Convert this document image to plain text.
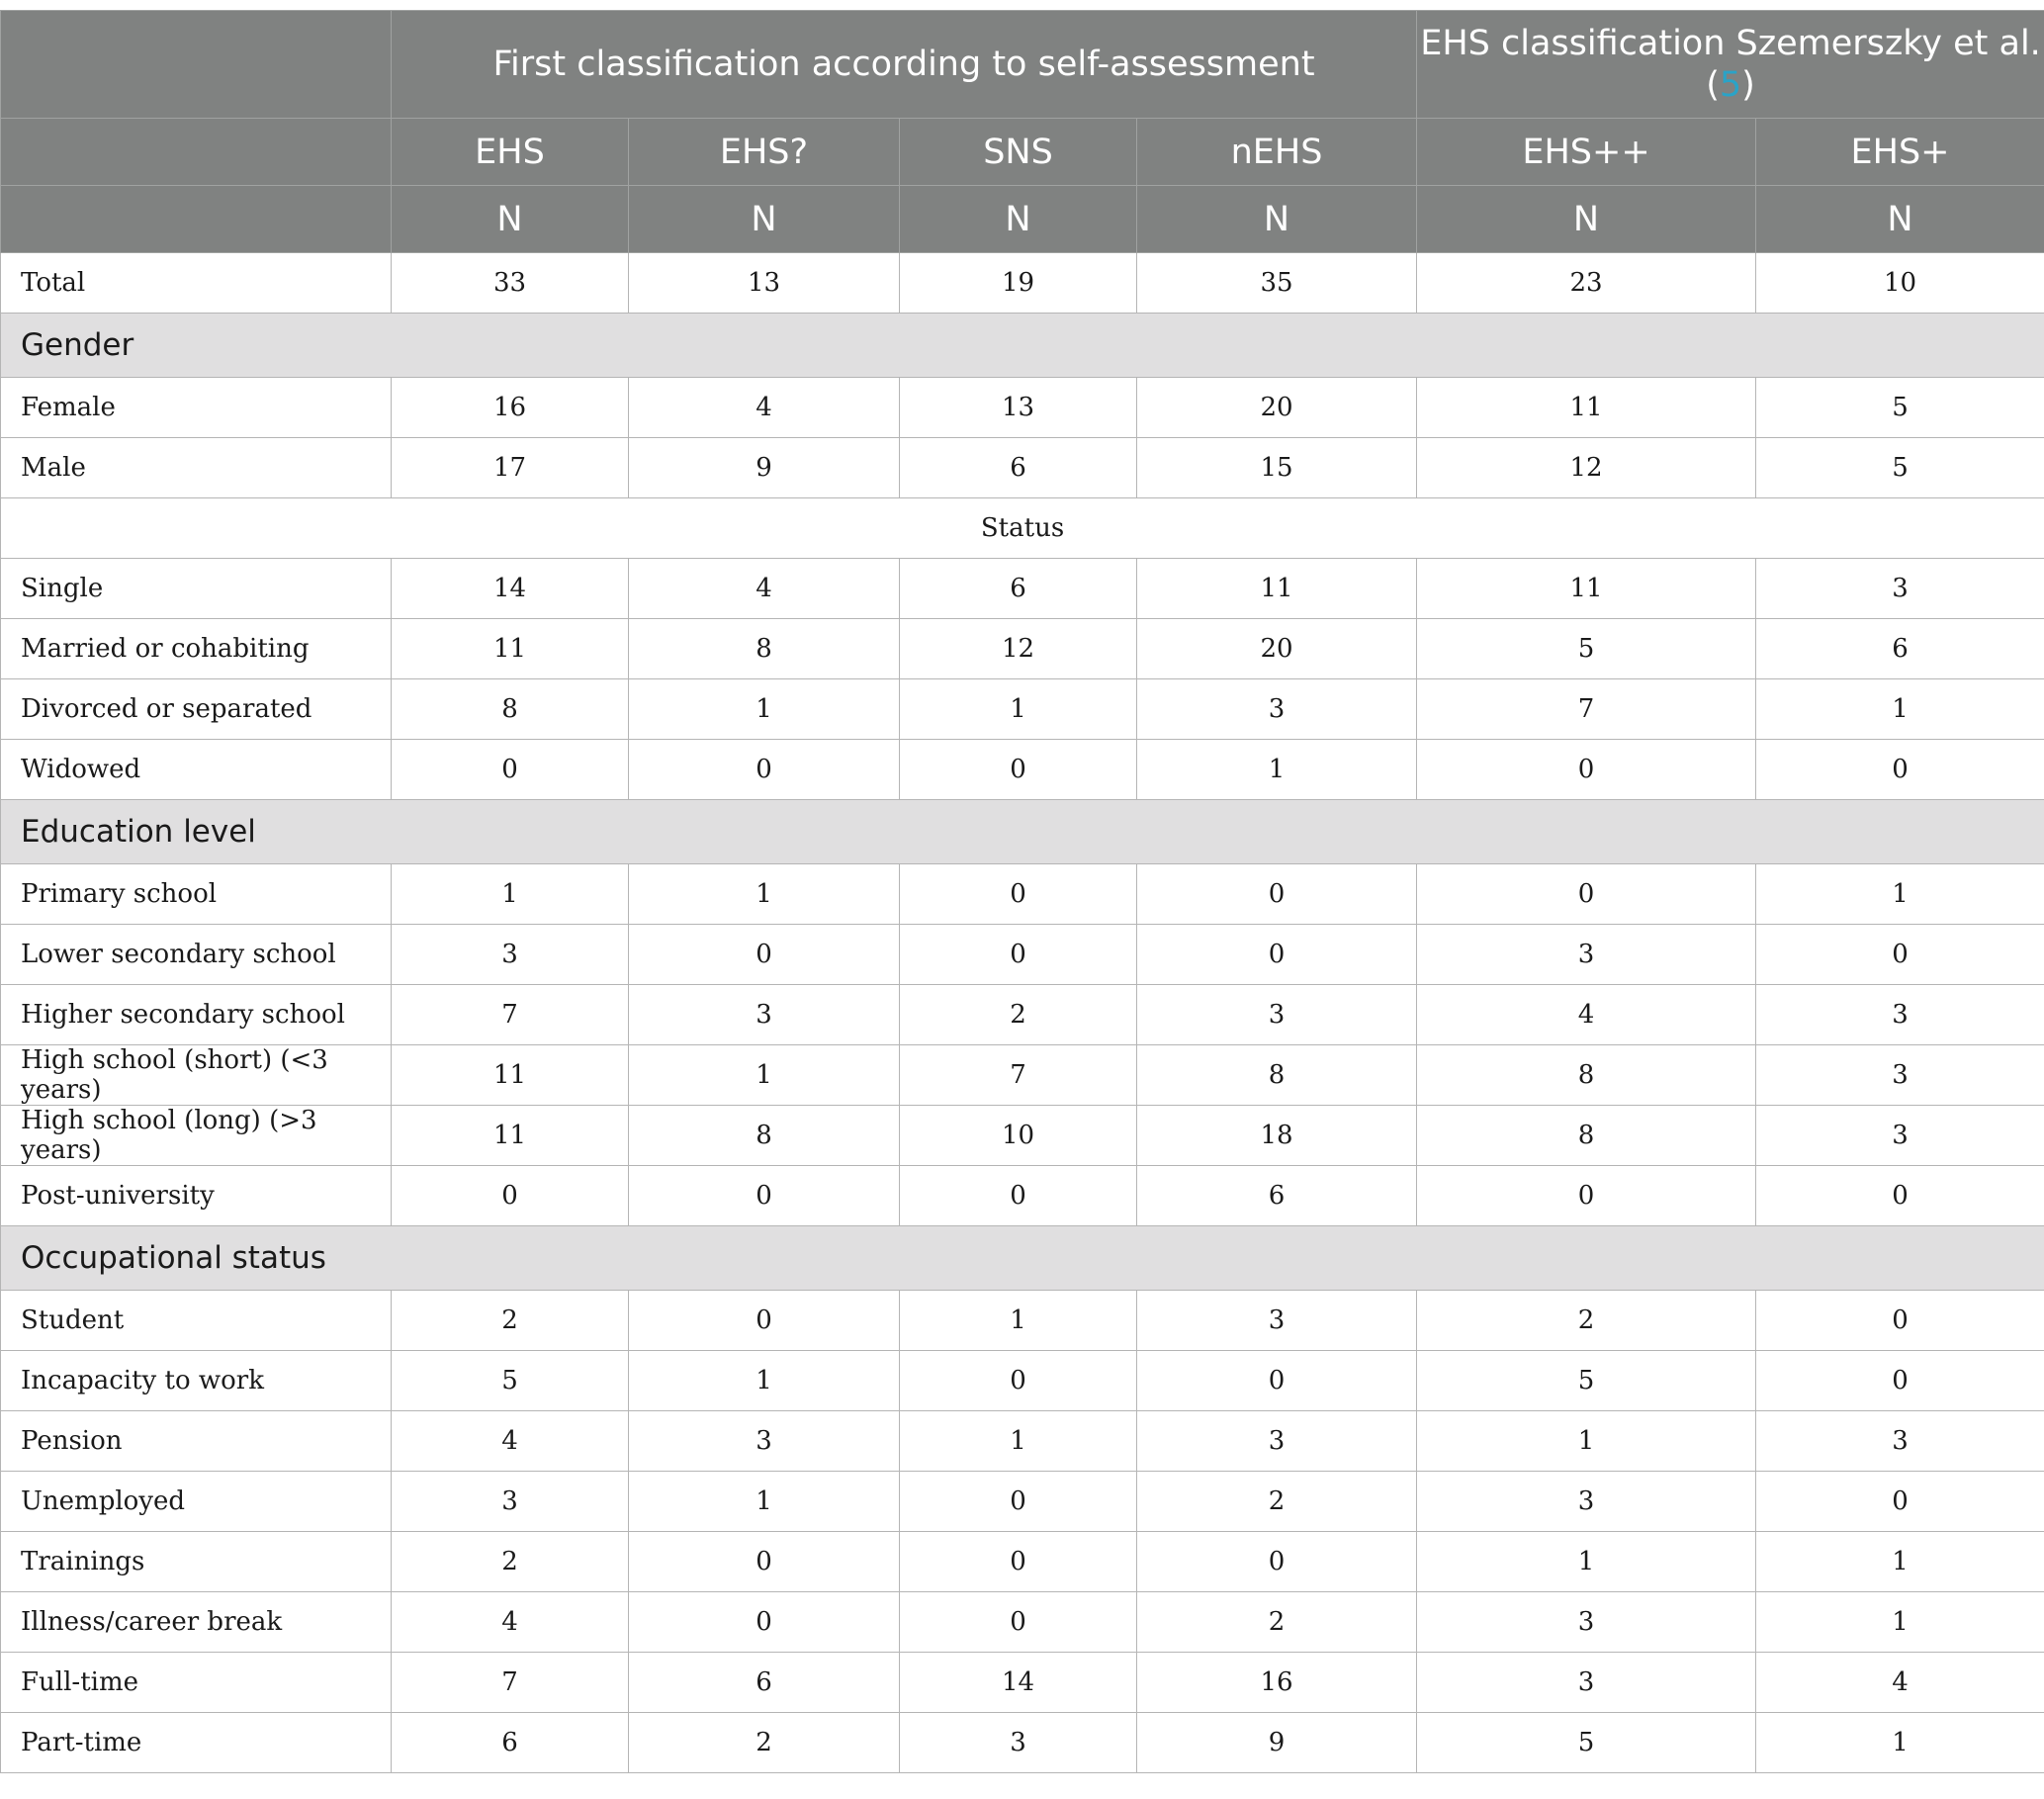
	First classification according to self-assessment				EHS classification Szemerszky et al. (5)	
	EHS	EHS?	SNS	nEHS	EHS++	EHS+
	N	N	N	N	N	N
Total	33	13	19	35	23	10
Gender						
Female	16	4	13	20	11	5
Male	17	9	6	15	12	5
Status						
Single	14	4	6	11	11	3
Married or cohabiting	11	8	12	20	5	6
Divorced or separated	8	1	1	3	7	1
Widowed	0	0	0	1	0	0
Education level						
Primary school	1	1	0	0	0	1
Lower secondary school	3	0	0	0	3	0
Higher secondary school	7	3	2	3	4	3
High school (short) (<3 years)	11	1	7	8	8	3
High school (long) (>3 years)	11	8	10	18	8	3
Post-university	0	0	0	6	0	0
Occupational status						
Student	2	0	1	3	2	0
Incapacity to work	5	1	0	0	5	0
Pension	4	3	1	3	1	3
Unemployed	3	1	0	2	3	0
Trainings	2	0	0	0	1	1
Illness/career break	4	0	0	2	3	1
Full-time	7	6	14	16	3	4
Part-time	6	2	3	9	5	1
